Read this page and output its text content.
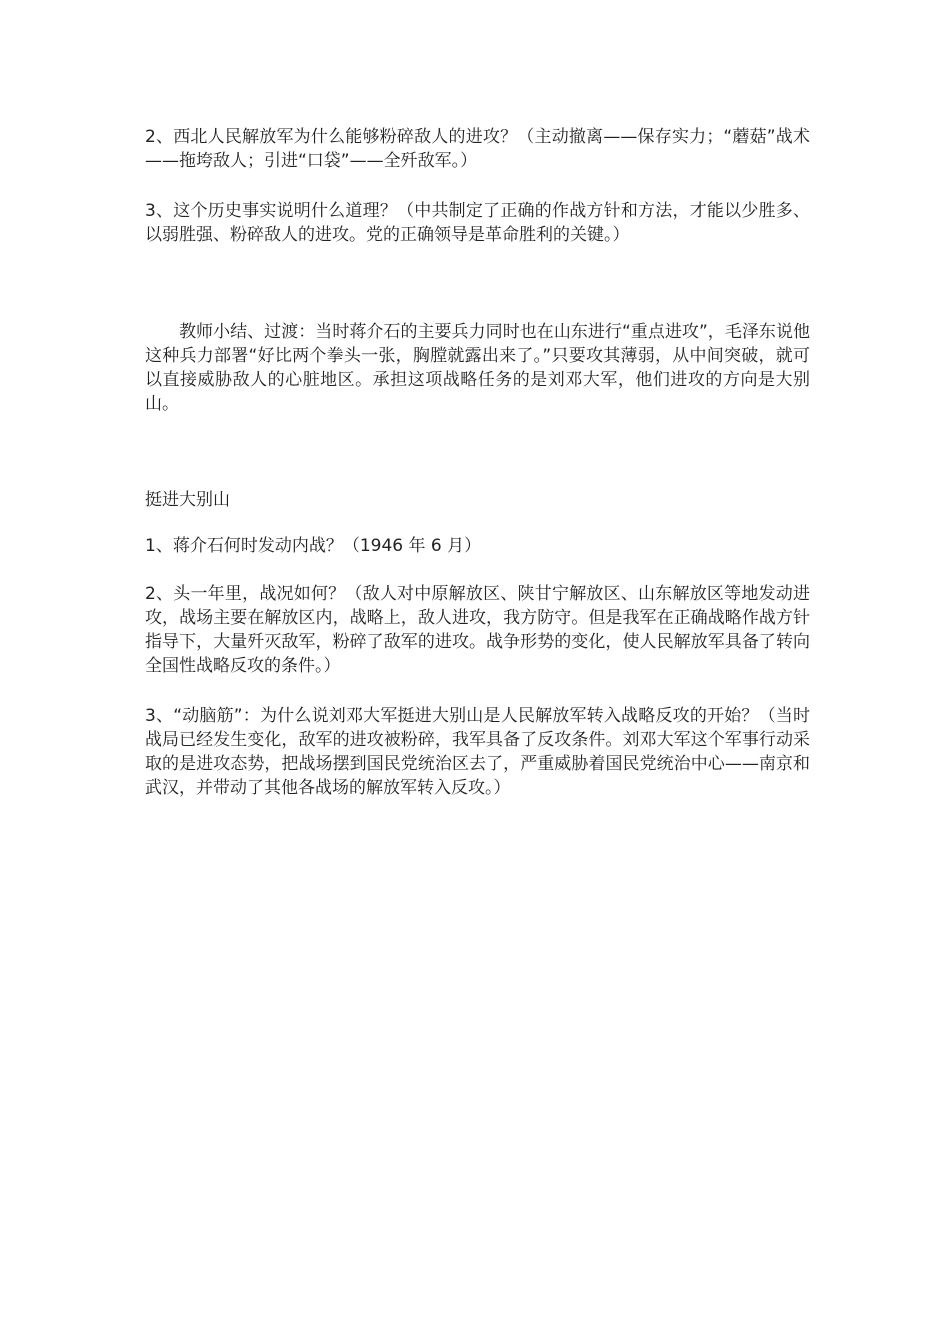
2、西北人民解放军为什么能够粉碎敌人的进攻？（主动撤离——保存实力；“蘑菇”战术——拖垮敌人；引进“口袋”——全歼敌军。）

3、这个历史事实说明什么道理？（中共制定了正确的作战方针和方法，才能以少胜多、以弱胜强、粉碎敌人的进攻。党的正确领导是革命胜利的关键。）

教师小结、过渡：当时蒋介石的主要兵力同时也在山东进行“重点进攻”，毛泽东说他这种兵力部署“好比两个拳头一张，胸膛就露出来了。”只要攻其薄弱，从中间突破，就可以直接威胁敌人的心脏地区。承担这项战略任务的是刘邓大军，他们进攻的方向是大别山。

挺进大别山

1、蒋介石何时发动内战？（1946 年 6 月）

2、头一年里，战况如何？（敌人对中原解放区、陕甘宁解放区、山东解放区等地发动进攻，战场主要在解放区内，战略上，敌人进攻，我方防守。但是我军在正确战略作战方针指导下，大量歼灭敌军，粉碎了敌军的进攻。战争形势的变化，使人民解放军具备了转向全国性战略反攻的条件。）

3、“动脑筋”：为什么说刘邓大军挺进大别山是人民解放军转入战略反攻的开始？（当时战局已经发生变化，敌军的进攻被粉碎，我军具备了反攻条件。刘邓大军这个军事行动采取的是进攻态势，把战场摆到国民党统治区去了，严重威胁着国民党统治中心——南京和武汉，并带动了其他各战场的解放军转入反攻。）
